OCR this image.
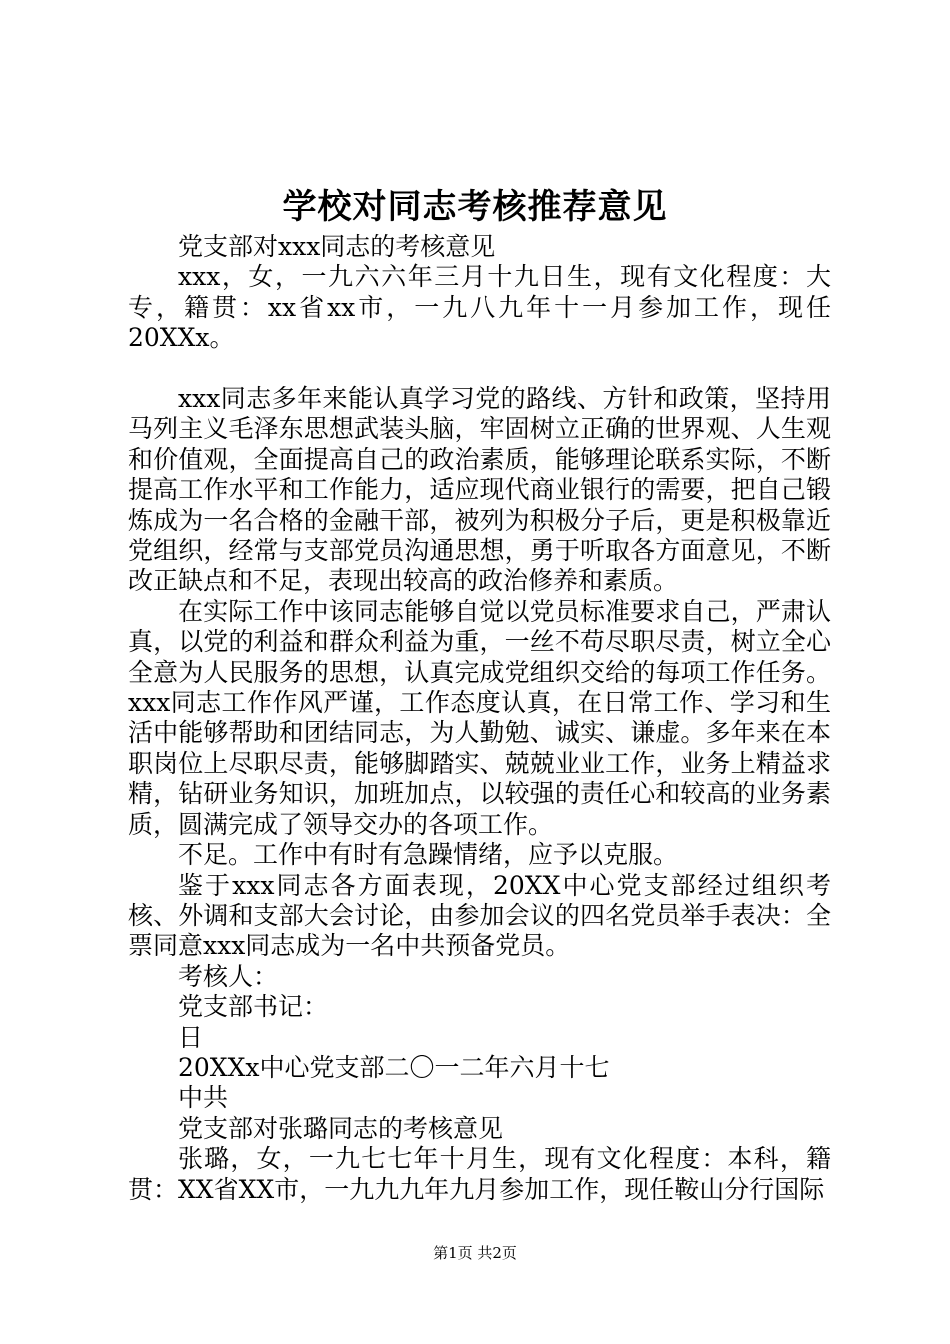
学校对同志考核推荐意见

党支部对xxx同志的考核意见

xxx，女，一九六六年三月十九日生，现有文化程度：大专，籍贯：xx省xx市，一九八九年十一月参加工作，现任20XXx。

xxx同志多年来能认真学习党的路线、方针和政策，坚持用马列主义毛泽东思想武装头脑，牢固树立正确的世界观、人生观和价值观，全面提高自己的政治素质，能够理论联系实际，不断提高工作水平和工作能力，适应现代商业银行的需要，把自己锻炼成为一名合格的金融干部，被列为积极分子后，更是积极靠近党组织，经常与支部党员沟通思想，勇于听取各方面意见，不断改正缺点和不足，表现出较高的政治修养和素质。

在实际工作中该同志能够自觉以党员标准要求自己，严肃认真，以党的利益和群众利益为重，一丝不苟尽职尽责，树立全心全意为人民服务的思想，认真完成党组织交给的每项工作任务。xxx同志工作作风严谨，工作态度认真，在日常工作、学习和生活中能够帮助和团结同志，为人勤勉、诚实、谦虚。多年来在本职岗位上尽职尽责，能够脚踏实、兢兢业业工作，业务上精益求精，钻研业务知识，加班加点，以较强的责任心和较高的业务素质，圆满完成了领导交办的各项工作。

不足。工作中有时有急躁情绪，应予以克服。

鉴于xxx同志各方面表现，20XX中心党支部经过组织考核、外调和支部大会讨论，由参加会议的四名党员举手表决：全票同意xxx同志成为一名中共预备党员。

考核人：

党支部书记：

日

20XXx中心党支部二〇一二年六月十七

中共

党支部对张璐同志的考核意见

张璐，女，一九七七年十月生，现有文化程度：本科，籍贯：XX省XX市，一九九九年九月参加工作，现任鞍山分行国际

第1页 共2页
